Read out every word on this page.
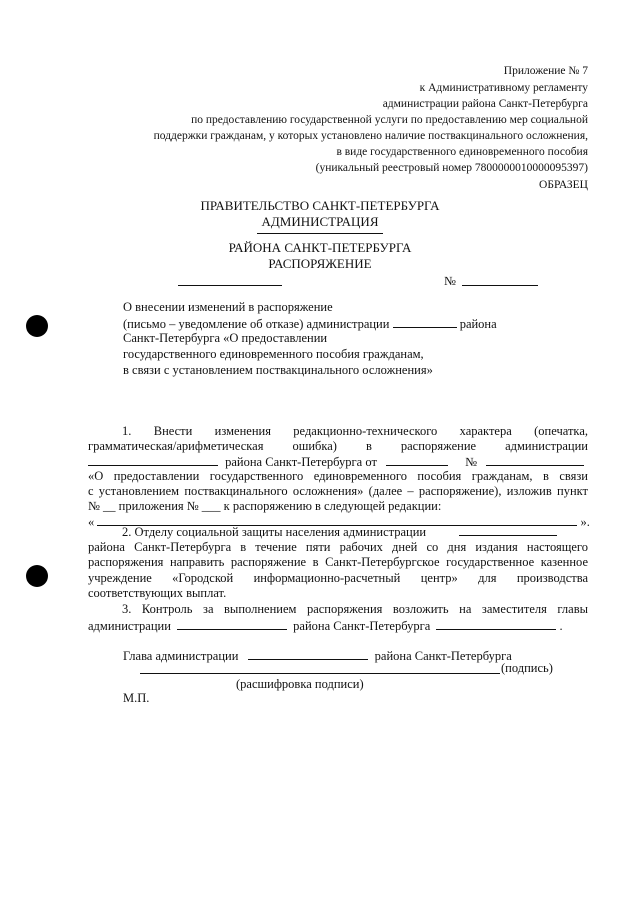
Приложение № 7
к Административному регламенту
администрации района Санкт-Петербурга
по предоставлению государственной услуги по предоставлению мер социальной
поддержки гражданам, у которых установлено наличие поствакцинального осложнения,
в виде государственного единовременного пособия
(уникальный реестровый номер 7800000010000095397)
ОБРАЗЕЦ
ПРАВИТЕЛЬСТВО САНКТ-ПЕТЕРБУРГА
АДМИНИСТРАЦИЯ
РАЙОНА САНКТ-ПЕТЕРБУРГА
РАСПОРЯЖЕНИЕ
№
О внесении изменений в распоряжение
(письмо – уведомление об отказе) администрации	района
Санкт-Петербурга «О предоставлении
государственного единовременного пособия гражданам,
в связи с установлением поствакцинального осложнения»
1. Внести изменения редакционно-технического характера (опечатка,
грамматическая/арифметическая ошибка) в распоряжение администрации
района Санкт-Петербурга от	№
«О предоставлении государственного единовременного пособия гражданам, в связи
с установлением поствакцинального осложнения» (далее – распоряжение), изложив пункт
№ __ приложения № ___ к распоряжению в следующей редакции:
«	».
2. Отделу социальной защиты населения администрации
района Санкт-Петербурга в течение пяти рабочих дней со дня издания настоящего
распоряжения направить распоряжение в Санкт-Петербургское государственное казенное
учреждение «Городской информационно-расчетный центр» для производства
соответствующих выплат.
3. Контроль за выполнением распоряжения возложить на заместителя главы
администрации	района Санкт-Петербурга	.
Глава администрации	района Санкт-Петербурга
(подпись)
(расшифровка подписи)
М.П.
